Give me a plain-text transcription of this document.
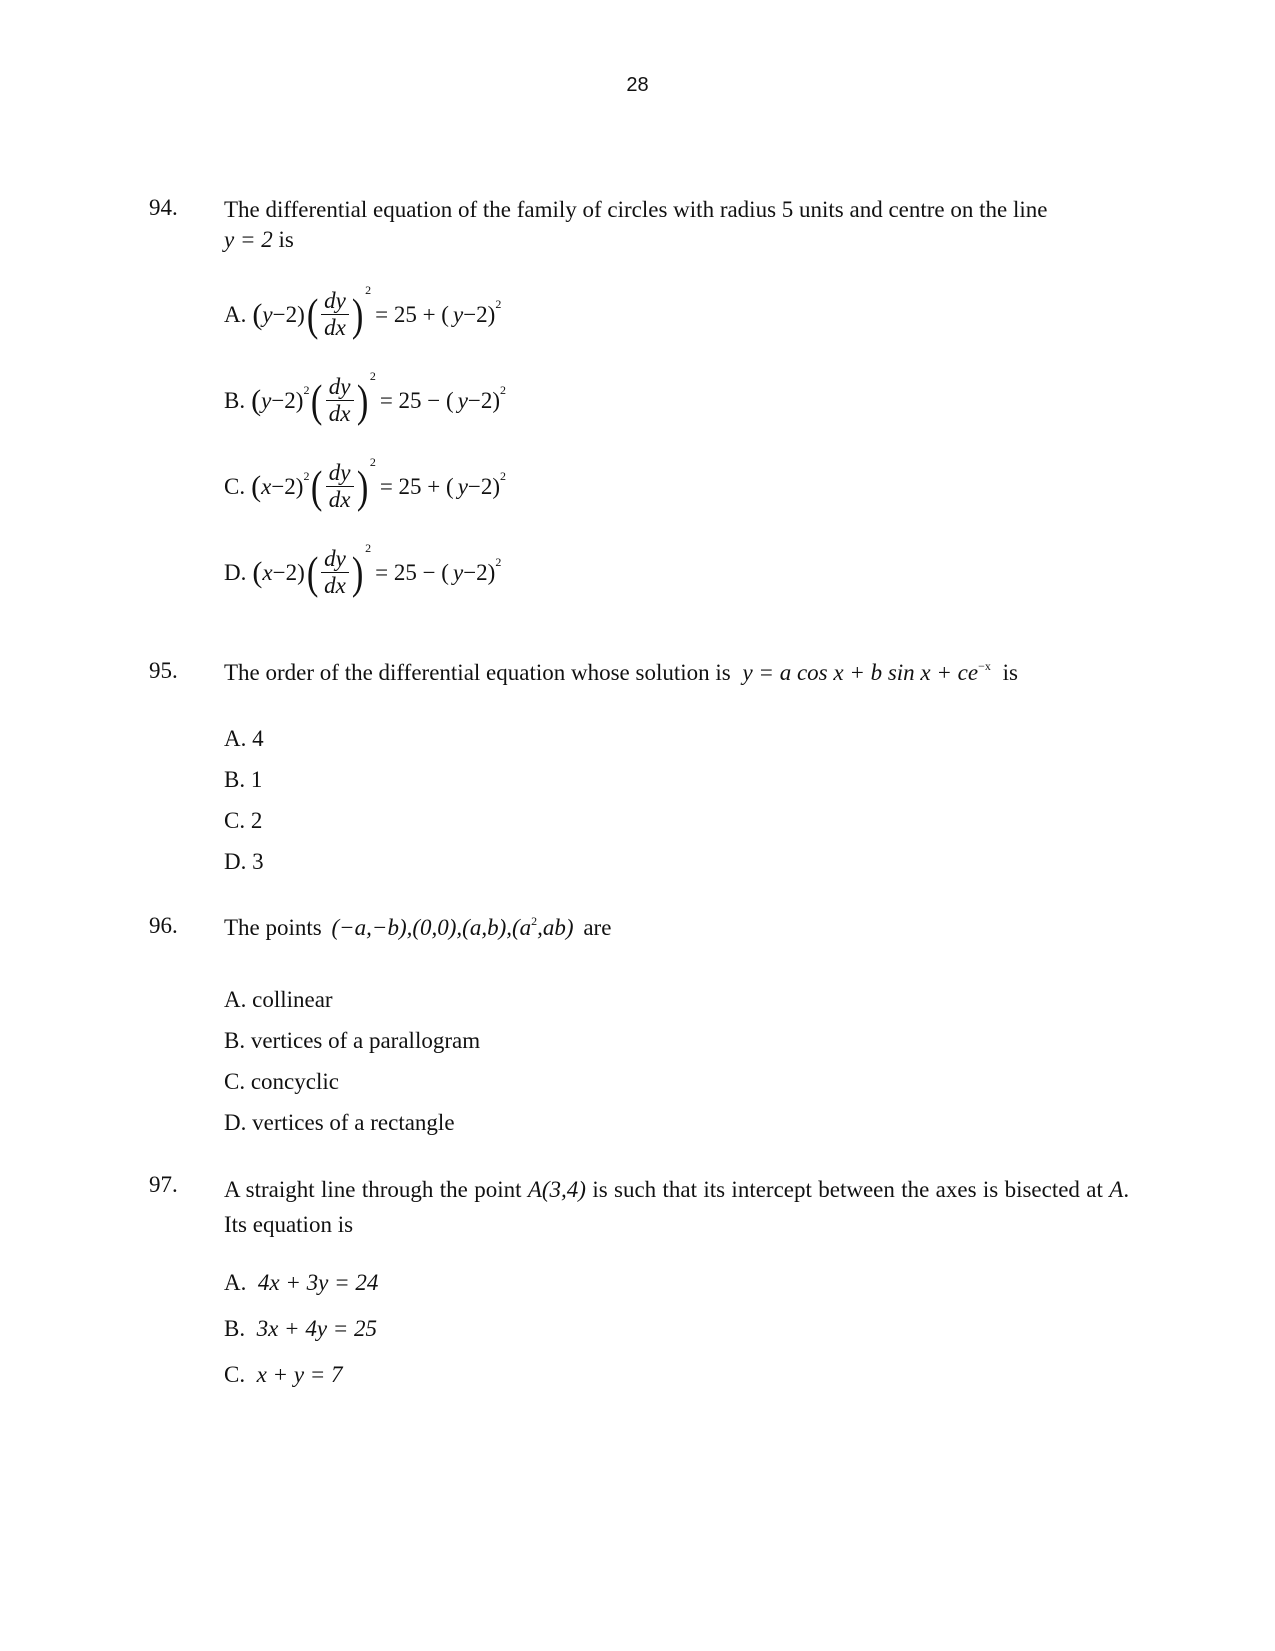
28
94. The differential equation of the family of circles with radius 5 units and centre on the line
y = 2 is
A. ( y −2) ( $\frac{dy}{dx} )^2$
= 25 + ( y −2)$^2$
B. ( y −2)$^2$ ( $\frac{dy}{dx} )^2$
= 25 − ( y −2)$^2$
C. ( x −2)$^2$ ( $\frac{dy}{dx} )^2$
= 25 + ( y −2)$^2$
D. ( x −2) ( $\frac{dy}{dx} )^2$
= 25 − ( y −2)$^2$
95. The order of the differential equation whose solution is y = a cos x + b $\sin x + ce^{-x}$ is
A. 4
B. 1
C. 2
D. 3
96. The points $(-a,-b),(0,0),(a,b),(a^2,ab)$ are
A. collinear
B. vertices of a parallogram
C. concyclic
D. vertices of a rectangle
97. A straight line through the point A(3,4) is such that its intercept between the axes is bisected at A. Its equation is
A. 4x + 3y = 24
B. 3x + 4y = 25
C. x + y = 7
